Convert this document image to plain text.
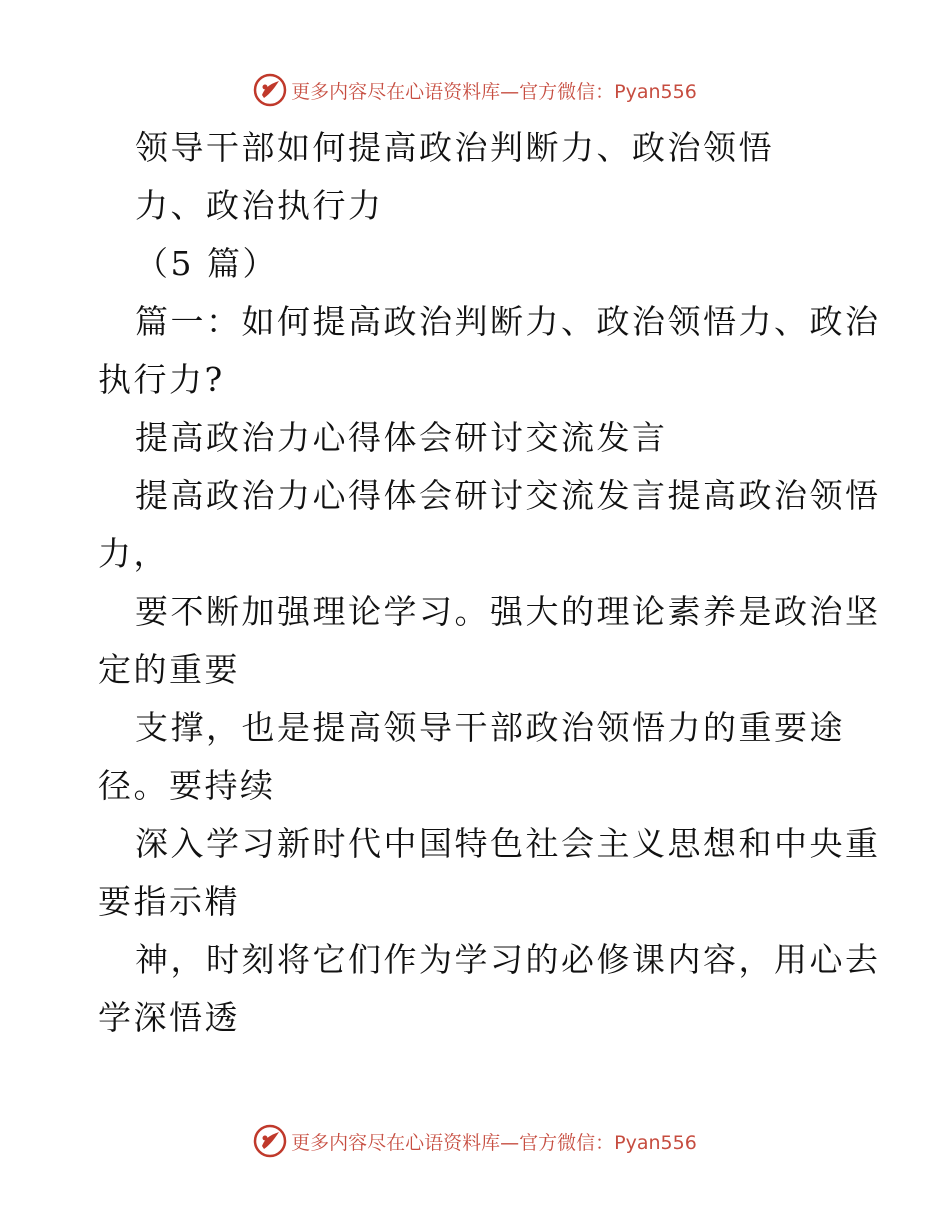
更多内容尽在心语资料库—官方微信：Pyan556
领导干部如何提高政治判断力、政治领悟
力、政治执行力
（5 篇）
篇一：如何提高政治判断力、政治领悟力、政治
执行力?
提高政治力心得体会研讨交流发言
提高政治力心得体会研讨交流发言提高政治领悟
力，
要不断加强理论学习。强大的理论素养是政治坚
定的重要
支撑，也是提高领导干部政治领悟力的重要途
径。要持续
深入学习新时代中国特色社会主义思想和中央重
要指示精
神，时刻将它们作为学习的必修课内容，用心去
学深悟透
更多内容尽在心语资料库—官方微信：Pyan556
